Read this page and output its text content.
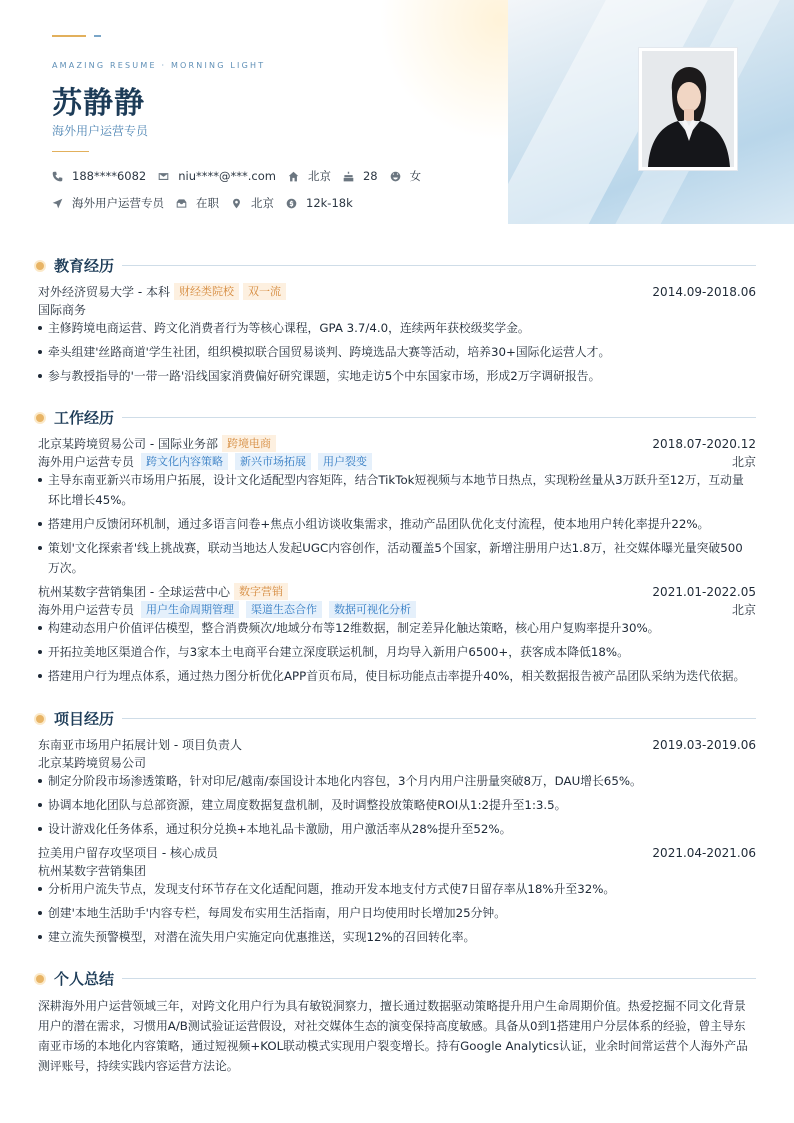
AMAZING RESUME · MORNING LIGHT
苏静静
海外用户运营专员
188****6082	niu****@***.com	北京	28	女
海外用户运营专员	在职	北京	12k-18k
教育经历
对外经济贸易大学 - 本科 财经类院校	双一流	2014.09-2018.06
国际商务
主修跨境电商运营、跨文化消费者行为等核心课程，GPA 3.7/4.0，连续两年获校级奖学金。
牵头组建'丝路商道'学生社团，组织模拟联合国贸易谈判、跨境选品大赛等活动，培养30+国际化运营人才。
参与教授指导的'一带一路'沿线国家消费偏好研究课题，实地走访5个中东国家市场，形成2万字调研报告。
工作经历
北京某跨境贸易公司 - 国际业务部 跨境电商	2018.07-2020.12
海外用户运营专员	跨文化内容策略	新兴市场拓展	用户裂变	北京
主导东南亚新兴市场用户拓展，设计文化适配型内容矩阵，结合TikTok短视频与本地节日热点，实现粉丝量从3万跃升至12万，互动量环比增长45%。
搭建用户反馈闭环机制，通过多语言问卷+焦点小组访谈收集需求，推动产品团队优化支付流程，使本地用户转化率提升22%。
策划'文化探索者'线上挑战赛，联动当地达人发起UGC内容创作，活动覆盖5个国家，新增注册用户达1.8万，社交媒体曝光量突破500万次。
杭州某数字营销集团 - 全球运营中心 数字营销	2021.01-2022.05
海外用户运营专员	用户生命周期管理	渠道生态合作	数据可视化分析	北京
构建动态用户价值评估模型，整合消费频次/地域分布等12维数据，制定差异化触达策略，核心用户复购率提升30%。
开拓拉美地区渠道合作，与3家本土电商平台建立深度联运机制，月均导入新用户6500+，获客成本降低18%。
搭建用户行为埋点体系，通过热力图分析优化APP首页布局，使目标功能点击率提升40%，相关数据报告被产品团队采纳为迭代依据。
项目经历
东南亚市场用户拓展计划 - 项目负责人	2019.03-2019.06
北京某跨境贸易公司
制定分阶段市场渗透策略，针对印尼/越南/泰国设计本地化内容包，3个月内用户注册量突破8万，DAU增长65%。
协调本地化团队与总部资源，建立周度数据复盘机制，及时调整投放策略使ROI从1:2提升至1:3.5。
设计游戏化任务体系，通过积分兑换+本地礼品卡激励，用户激活率从28%提升至52%。
拉美用户留存攻坚项目 - 核心成员	2021.04-2021.06
杭州某数字营销集团
分析用户流失节点，发现支付环节存在文化适配问题，推动开发本地支付方式使7日留存率从18%升至32%。
创建'本地生活助手'内容专栏，每周发布实用生活指南，用户日均使用时长增加25分钟。
建立流失预警模型，对潜在流失用户实施定向优惠推送，实现12%的召回转化率。
个人总结
深耕海外用户运营领域三年，对跨文化用户行为具有敏锐洞察力，擅长通过数据驱动策略提升用户生命周期价值。热爱挖掘不同文化背景用户的潜在需求，习惯用A/B测试验证运营假设，对社交媒体生态的演变保持高度敏感。具备从0到1搭建用户分层体系的经验，曾主导东南亚市场的本地化内容策略，通过短视频+KOL联动模式实现用户裂变增长。持有Google Analytics认证，业余时间常运营个人海外产品测评账号，持续实践内容运营方法论。
